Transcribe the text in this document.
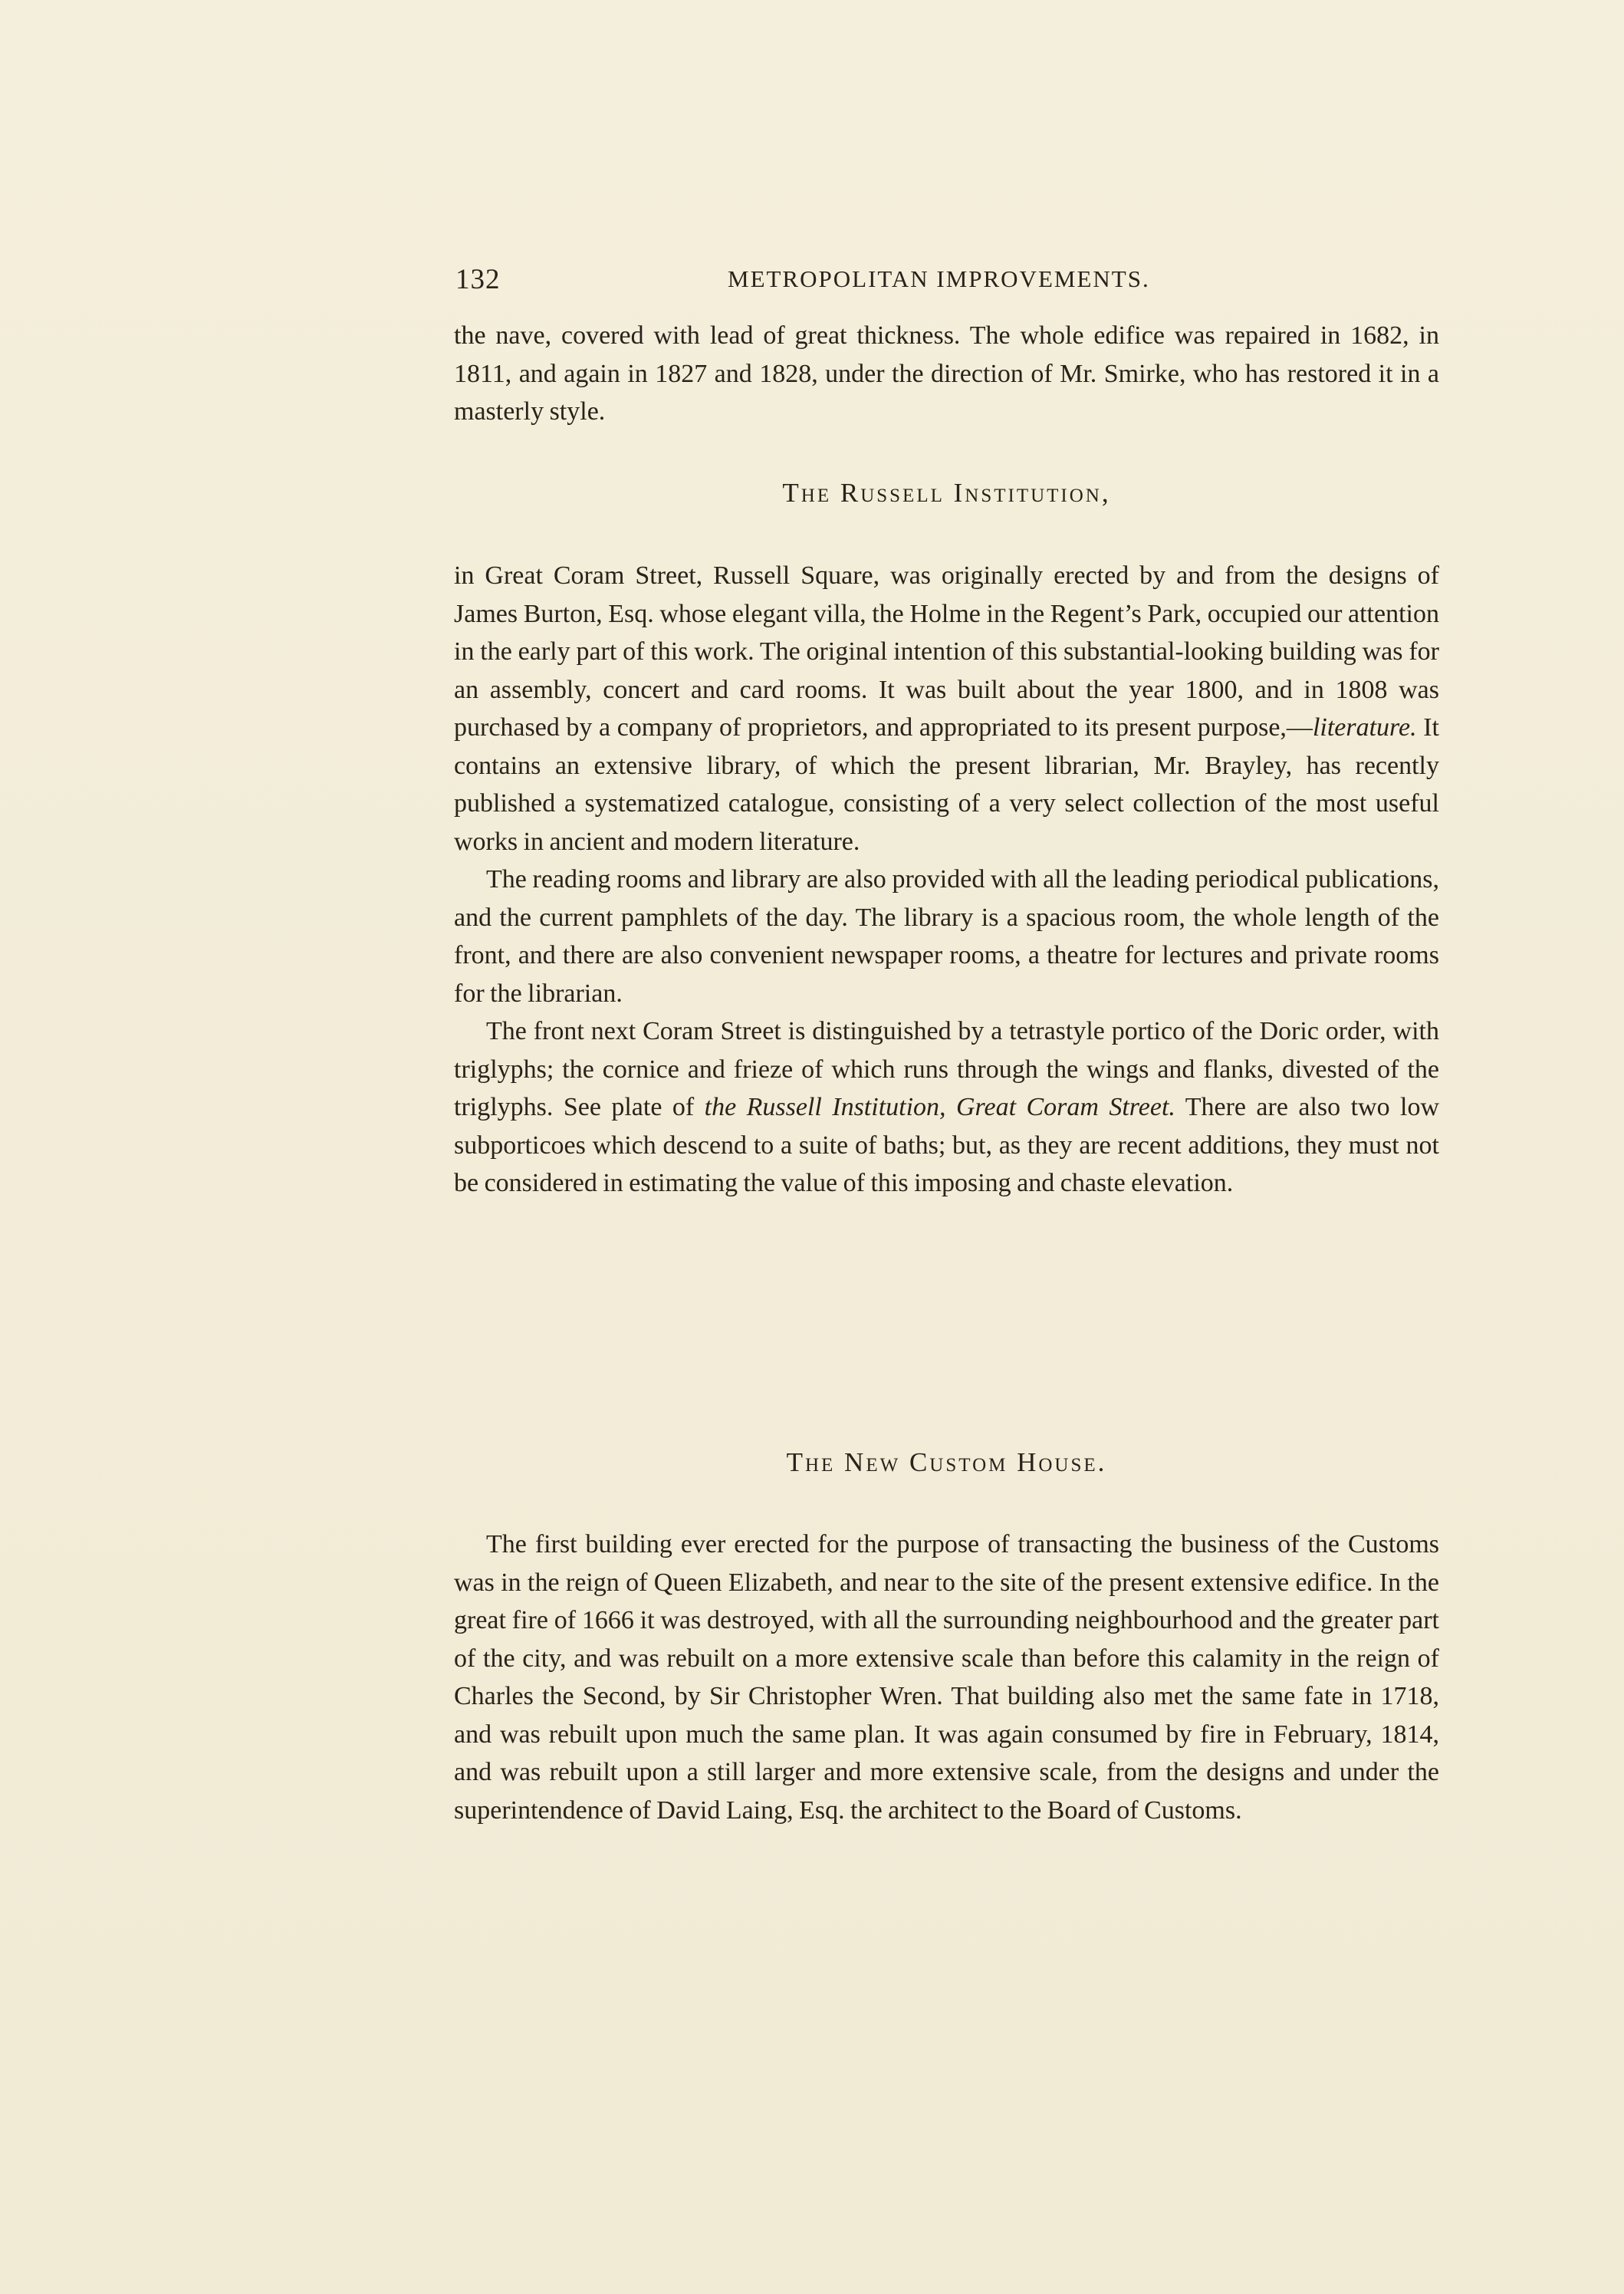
132	METROPOLITAN IMPROVEMENTS.

the nave, covered with lead of great thickness. The whole edifice was repaired in 1682, in 1811, and again in 1827 and 1828, under the direction of Mr. Smirke, who has restored it in a masterly style.

The Russell Institution,

in Great Coram Street, Russell Square, was originally erected by and from the designs of James Burton, Esq. whose elegant villa, the Holme in the Regent’s Park, occupied our attention in the early part of this work. The original intention of this substantial-looking building was for an assembly, concert and card rooms. It was built about the year 1800, and in 1808 was purchased by a company of proprietors, and appropriated to its present purpose,—literature. It contains an extensive library, of which the present librarian, Mr. Brayley, has recently published a systematized catalogue, consisting of a very select collection of the most useful works in ancient and modern literature.

The reading rooms and library are also provided with all the leading periodical publications, and the current pamphlets of the day. The library is a spacious room, the whole length of the front, and there are also convenient newspaper rooms, a theatre for lectures and private rooms for the librarian.

The front next Coram Street is distinguished by a tetrastyle portico of the Doric order, with triglyphs; the cornice and frieze of which runs through the wings and flanks, divested of the triglyphs. See plate of the Russell Institution, Great Coram Street. There are also two low subporticoes which descend to a suite of baths; but, as they are recent additions, they must not be considered in estimating the value of this imposing and chaste elevation.

The New Custom House.

The first building ever erected for the purpose of transacting the business of the Customs was in the reign of Queen Elizabeth, and near to the site of the present extensive edifice. In the great fire of 1666 it was destroyed, with all the surrounding neighbourhood and the greater part of the city, and was rebuilt on a more extensive scale than before this calamity in the reign of Charles the Second, by Sir Christopher Wren. That building also met the same fate in 1718, and was rebuilt upon much the same plan. It was again consumed by fire in February, 1814, and was rebuilt upon a still larger and more extensive scale, from the designs and under the superintendence of David Laing, Esq. the architect to the Board of Customs.
